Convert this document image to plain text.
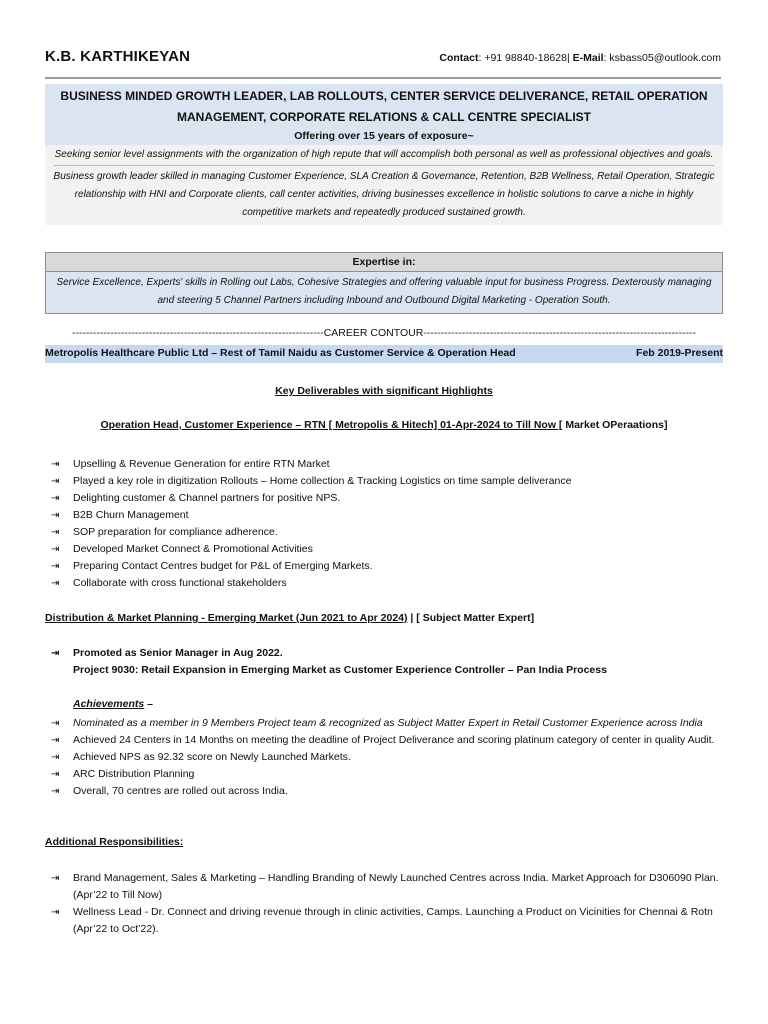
K.B. KARTHIKEYAN	Contact: +91 98840-18628| E-Mail: ksbass05@outlook.com
BUSINESS MINDED GROWTH LEADER, LAB ROLLOUTS, CENTER SERVICE DELIVERANCE, RETAIL OPERATION
MANAGEMENT, CORPORATE RELATIONS & CALL CENTRE SPECIALIST
Offering over 15 years of exposure~
Seeking senior level assignments with the organization of high repute that will accomplish both personal as well as professional objectives and goals.
Business growth leader skilled in managing Customer Experience, SLA Creation & Governance, Retention, B2B Wellness, Retail Operation, Strategic relationship with HNI and Corporate clients, call center activities, driving businesses excellence in holistic solutions to carve a niche in highly competitive markets and repeatedly produced sustained growth.
Expertise in:
Service Excellence, Experts' skills in Rolling out Labs, Cohesive Strategies and offering valuable input for business Progress. Dexterously managing and steering 5 Channel Partners including Inbound and Outbound Digital Marketing - Operation South.
------------------------------------------------------------------------CAREER CONTOUR------------------------------------------------------------------------------
Metropolis Healthcare Public Ltd – Rest of Tamil Naidu as Customer Service & Operation Head	Feb 2019-Present
Key Deliverables with significant Highlights
Operation Head, Customer Experience – RTN [ Metropolis & Hitech] 01-Apr-2024 to Till Now [ Market OPeraations]
⇥ Upselling & Revenue Generation for entire RTN Market
⇥ Played a key role in digitization Rollouts – Home collection & Tracking Logistics on time sample deliverance
⇥ Delighting customer & Channel partners for positive NPS.
⇥ B2B Churn Management
⇥ SOP preparation for compliance adherence.
⇥ Developed Market Connect & Promotional Activities
⇥ Preparing Contact Centres budget for P&L of Emerging Markets.
⇥ Collaborate with cross functional stakeholders
Distribution & Market Planning - Emerging Market (Jun 2021 to Apr 2024) | [ Subject Matter Expert]
⇥ Promoted as Senior Manager in Aug 2022.
Project 9030: Retail Expansion in Emerging Market as Customer Experience Controller – Pan India Process
Achievements –
⇥ Nominated as a member in 9 Members Project team & recognized as Subject Matter Expert in Retail Customer Experience across India
⇥ Achieved 24 Centers in 14 Months on meeting the deadline of Project Deliverance and scoring platinum category of center in quality Audit.
⇥ Achieved NPS as 92.32 score on Newly Launched Markets.
⇥ ARC Distribution Planning
⇥ Overall, 70 centres are rolled out across India.
Additional Responsibilities:
⇥ Brand Management, Sales & Marketing – Handling Branding of Newly Launched Centres across India. Market Approach for D306090 Plan. (Apr’22 to Till Now)
⇥ Wellness Lead - Dr. Connect and driving revenue through in clinic activities, Camps. Launching a Product on Vicinities for Chennai & Rotn (Apr’22 to Oct’22).
